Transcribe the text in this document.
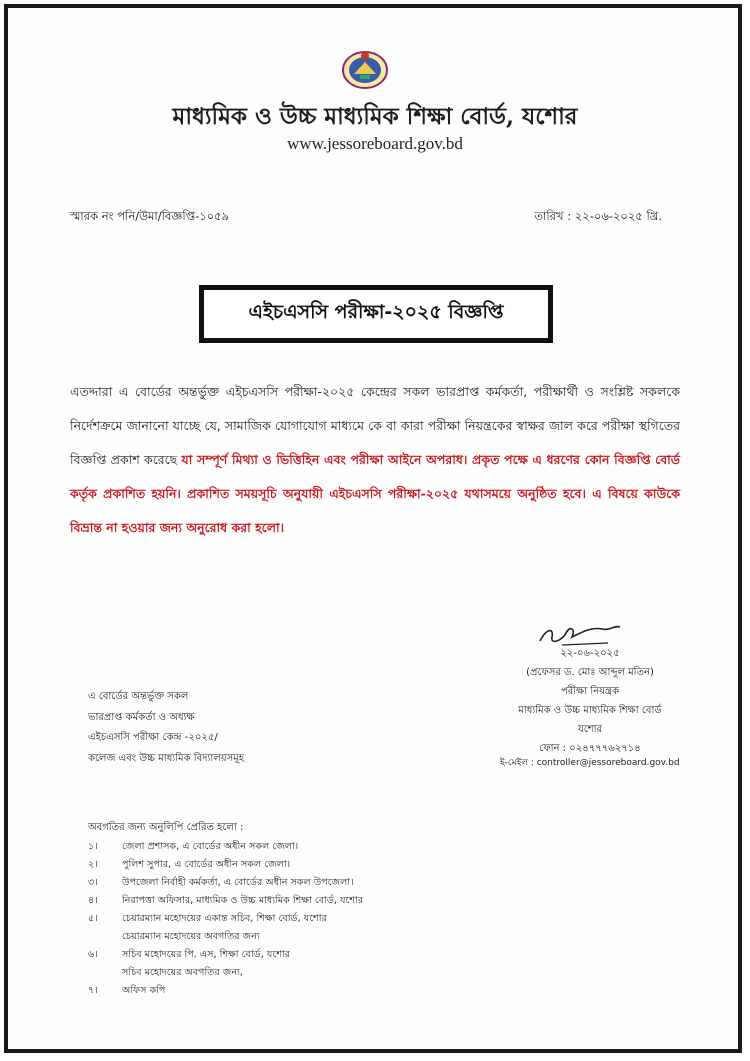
মাধ্যমিক ও উচ্চ মাধ্যমিক শিক্ষা বোর্ড, যশোর
www.jessoreboard.gov.bd
স্মারক নং পনি/উমা/বিজ্ঞপ্তি-১০৫৯	তারিখ : ২২-০৬-২০২৫ খ্রি.
এইচএসসি পরীক্ষা-২০২৫ বিজ্ঞপ্তি
এতদ্দারা এ বোর্ডের অন্তর্ভুক্ত এইচএসসি পরীক্ষা-২০২৫ কেন্দ্রের সকল ভারপ্রাপ্ত কর্মকর্তা, পরীক্ষার্থী ও সংশ্লিষ্ট সকলকে নির্দেশক্রমে জানানো যাচ্ছে যে, সামাজিক যোগাযোগ মাধ্যমে কে বা কারা পরীক্ষা নিয়ন্ত্রকের স্বাক্ষর জাল করে পরীক্ষা স্থগিতের বিজ্ঞপ্তি প্রকাশ করেছে যা সম্পূর্ণ মিথ্যা ও ভিত্তিহিন এবং পরীক্ষা আইনে অপরাধ। প্রকৃত পক্ষে এ ধরণের কোন বিজ্ঞপ্তি বোর্ড কর্তৃক প্রকাশিত হয়নি। প্রকাশিত সময়সূচি অনুযায়ী এইচএসসি পরীক্ষা-২০২৫ যথাসময়ে অনুষ্ঠিত হবে। এ বিষয়ে কাউকে বিভ্রান্ত না হওয়ার জন্য অনুরোধ করা হলো।
২২-০৬-২০২৫
(প্রফেসর ড. মোঃ আব্দুল মতিন)
পরীক্ষা নিয়ন্ত্রক
মাধ্যমিক ও উচ্চ মাধ্যমিক শিক্ষা বোর্ড
যশোর
ফোন : ০২৪৭৭৭৬২৭১৪
ই-মেইল : controller@jessoreboard.gov.bd
এ বোর্ডের অন্তর্ভুক্ত সকল
ভারপ্রাপ্ত কর্মকর্তা ও অধ্যক্ষ
এইচএসসি পরীক্ষা কেন্দ্র -২০২৫/
কলেজ এবং উচ্চ মাধ্যমিক বিদ্যালয়সমূহ
অবগতির জন্য অনুলিপি প্রেরিত হলো :
১।	জেলা প্রশাসক, এ বোর্ডের অধীন সকল জেলা।
২।	পুলিশ সুপার, এ বোর্ডের অধীন সকল জেলা।
৩।	উপজেলা নির্বাহী কর্মকর্তা, এ বোর্ডের অধীন সকল উপজেলা।
৪।	নিরাপত্তা অফিসার, মাধ্যমিক ও উচ্চ মাধ্যমিক শিক্ষা বোর্ড, যশোর
৫।	চেয়ারম্যান মহোদয়ের একান্ত সচিব, শিক্ষা বোর্ড, যশোর
চেয়ারম্যান মহোদয়ের অবগতির জন্য
৬।	সচিব মহোদয়ের পি. এস, শিক্ষা বোর্ড, যশোর
সচিব মহোদয়ের অবগতির জন্য,
৭।	অফিস কপি
